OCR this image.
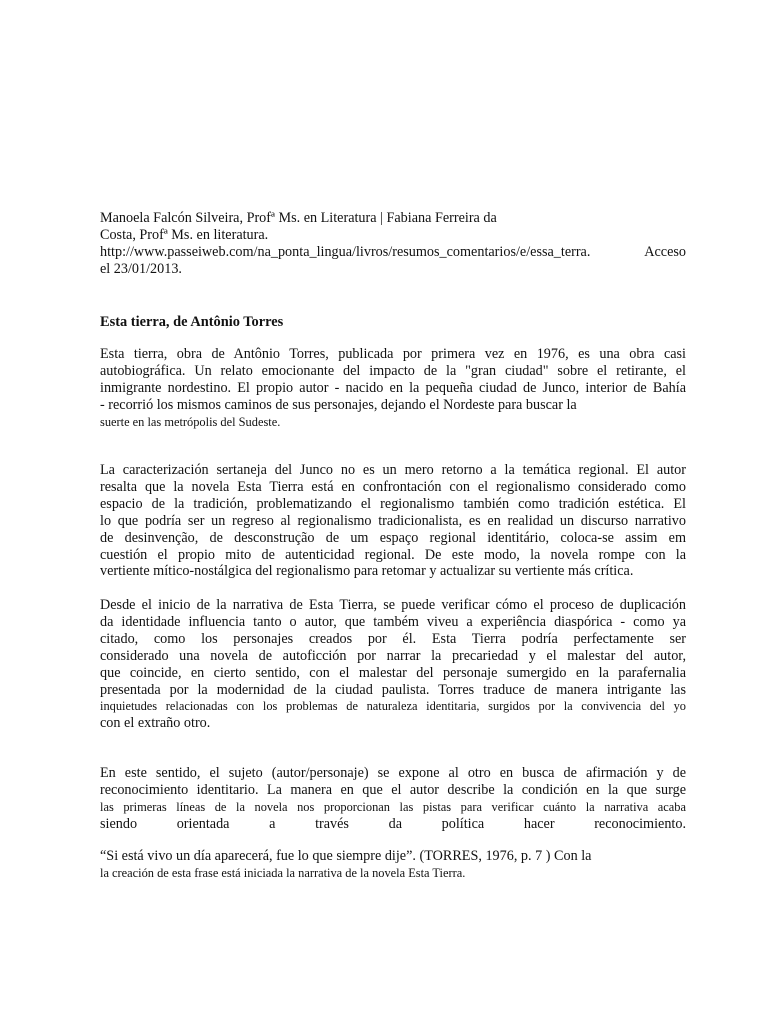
Manoela Falcón Silveira, Profª Ms. en Literatura | Fabiana Ferreira da
Costa, Profª Ms. en literatura.
http://www.passeiweb.com/na_ponta_lingua/livros/resumos_comentarios/e/essa_terra. Acceso
el 23/01/2013.
Esta tierra, de Antônio Torres
Esta tierra, obra de Antônio Torres, publicada por primera vez en 1976, es una obra casi
autobiográfica. Un relato emocionante del impacto de la "gran ciudad" sobre el retirante, el
inmigrante nordestino. El propio autor - nacido en la pequeña ciudad de Junco, interior de Bahía
- recorrió los mismos caminos de sus personajes, dejando el Nordeste para buscar la
suerte en las metrópolis del Sudeste.
La caracterización sertaneja del Junco no es un mero retorno a la temática regional. El autor
resalta que la novela Esta Tierra está en confrontación con el regionalismo considerado como
espacio de la tradición, problematizando el regionalismo también como tradición estética. El
lo que podría ser un regreso al regionalismo tradicionalista, es en realidad un discurso narrativo
de desinvenção, de desconstrução de um espaço regional identitário, coloca-se assim em
cuestión el propio mito de autenticidad regional. De este modo, la novela rompe con la
vertiente mítico-nostálgica del regionalismo para retomar y actualizar su vertiente más crítica.
Desde el inicio de la narrativa de Esta Tierra, se puede verificar cómo el proceso de duplicación
da identidade influencia tanto o autor, que também viveu a experiência diaspórica - como ya
citado, como los personajes creados por él. Esta Tierra podría perfectamente ser
considerado una novela de autoficción por narrar la precariedad y el malestar del autor,
que coincide, en cierto sentido, con el malestar del personaje sumergido en la parafernalia
presentada por la modernidad de la ciudad paulista. Torres traduce de manera intrigante las
inquietudes relacionadas con los problemas de naturaleza identitaria, surgidos por la convivencia del yo
con el extraño otro.
En este sentido, el sujeto (autor/personaje) se expone al otro en busca de afirmación y de
reconocimiento identitario. La manera en que el autor describe la condición en la que surge
las primeras líneas de la novela nos proporcionan las pistas para verificar cuánto la narrativa acaba
siendo orientada a través da política hacer reconocimiento.
“Si está vivo un día aparecerá, fue lo que siempre dije”. (TORRES, 1976, p. 7 ) Con la
la creación de esta frase está iniciada la narrativa de la novela Esta Tierra.
